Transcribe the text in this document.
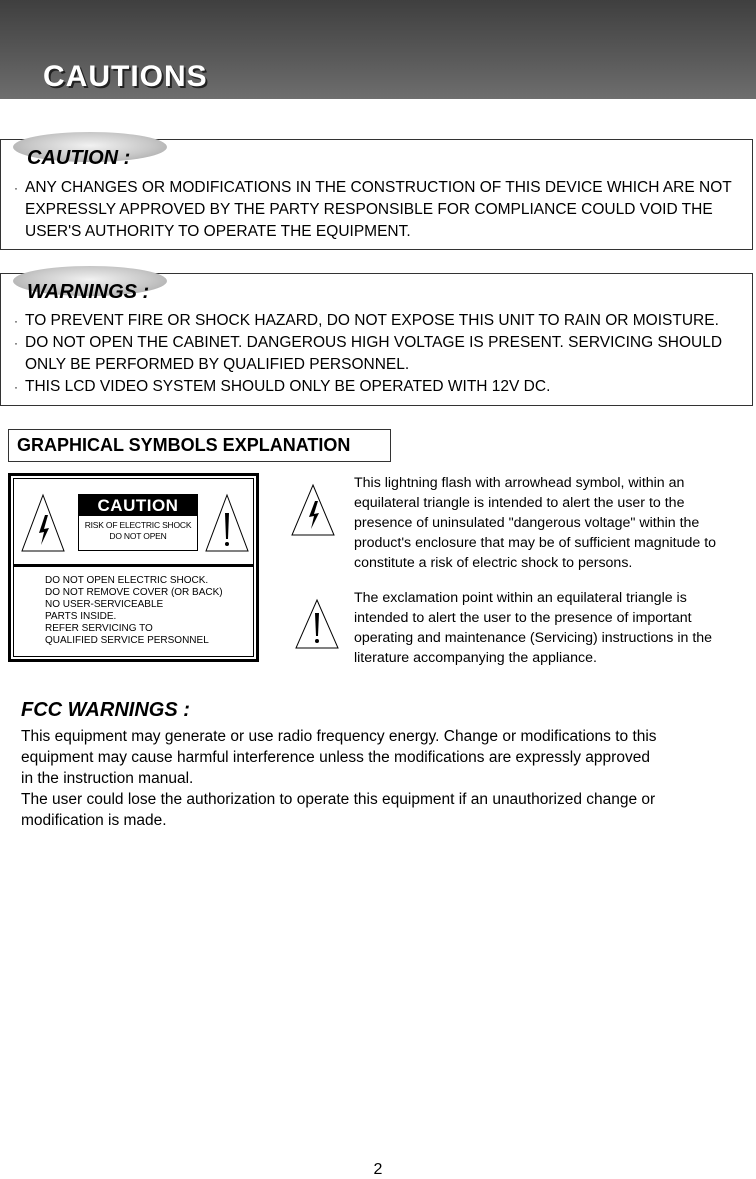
CAUTIONS
CAUTION :
· ANY CHANGES OR MODIFICATIONS IN THE CONSTRUCTION OF THIS DEVICE WHICH ARE NOT
EXPRESSLY APPROVED BY THE PARTY RESPONSIBLE FOR COMPLIANCE COULD VOID THE
USER'S AUTHORITY TO OPERATE THE EQUIPMENT.
WARNINGS :
· TO PREVENT FIRE OR SHOCK HAZARD, DO NOT EXPOSE THIS UNIT TO RAIN OR MOISTURE.
· DO NOT OPEN THE CABINET. DANGEROUS HIGH VOLTAGE IS PRESENT. SERVICING SHOULD
ONLY BE PERFORMED BY QUALIFIED PERSONNEL.
· THIS LCD VIDEO SYSTEM SHOULD ONLY BE OPERATED WITH 12V DC.
GRAPHICAL SYMBOLS EXPLANATION
CAUTION
RISK OF ELECTRIC SHOCK
DO NOT OPEN
DO NOT OPEN ELECTRIC SHOCK.
DO NOT REMOVE COVER (OR BACK)
NO USER-SERVICEABLE
PARTS INSIDE.
REFER SERVICING TO
QUALIFIED SERVICE PERSONNEL
This lightning flash with arrowhead symbol, within an
equilateral triangle is intended to alert the user to the
presence of uninsulated "dangerous voltage" within the
product's enclosure that may be of sufficient magnitude to
constitute a risk of electric shock to persons.
The exclamation point within an equilateral triangle is
intended to alert the user to the presence of important
operating and maintenance (Servicing) instructions in the
literature accompanying the appliance.
FCC WARNINGS :
This equipment may generate or use radio frequency energy. Change or modifications to this
equipment may cause harmful interference unless the modifications are expressly approved
in the instruction manual.
The user could lose the authorization to operate this equipment if an unauthorized change or
modification is made.
2
